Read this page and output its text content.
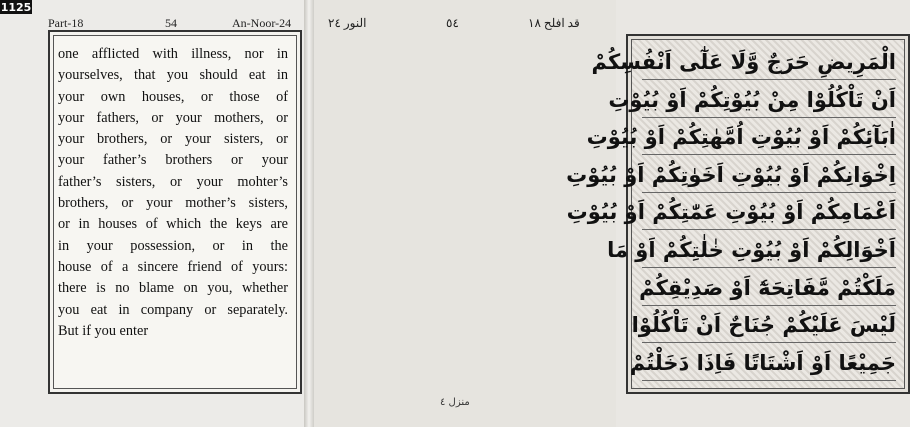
Part-18	54	An-Noor-24
one afflicted with illness, nor in
yourselves, that you should eat in
your own houses, or those of
your fathers, or your mothers, or
your brothers, or your sisters, or
your father’s brothers or your
father’s sisters, or your mohter’s
brothers, or your mother’s sisters,
or in houses of which the keys are
in your possession, or in the
house of a sincere friend of yours:
there is no blame on you, whether
you eat in company or separately.
But if you enter
النور ٢٤	٥٤	قد افلح ١٨
الْمَرِيضِ حَرَجٌ وَّلَا عَلٰٓى اَنْفُسِكُمْ
اَنْ تَاْكُلُوْا مِنْ بُيُوْتِكُمْ اَوْ بُيُوْتِ
اٰبَآئِكُمْ اَوْ بُيُوْتِ اُمَّهٰتِكُمْ اَوْ بُيُوْتِ
اِخْوَانِكُمْ اَوْ بُيُوْتِ اَخَوٰتِكُمْ اَوْ بُيُوْتِ
اَعْمَامِكُمْ اَوْ بُيُوْتِ عَمّٰتِكُمْ اَوْ بُيُوْتِ
اَخْوَالِكُمْ اَوْ بُيُوْتِ خٰلٰتِكُمْ اَوْ مَا
مَلَكْتُمْ مَّفَاتِحَهٗٓ اَوْ صَدِيْقِكُمْ
لَيْسَ عَلَيْكُمْ جُنَاحٌ اَنْ تَاْكُلُوْا
جَمِيْعًا اَوْ اَشْتَاتًا فَاِذَا دَخَلْتُمْ
منزل ٤
1125
